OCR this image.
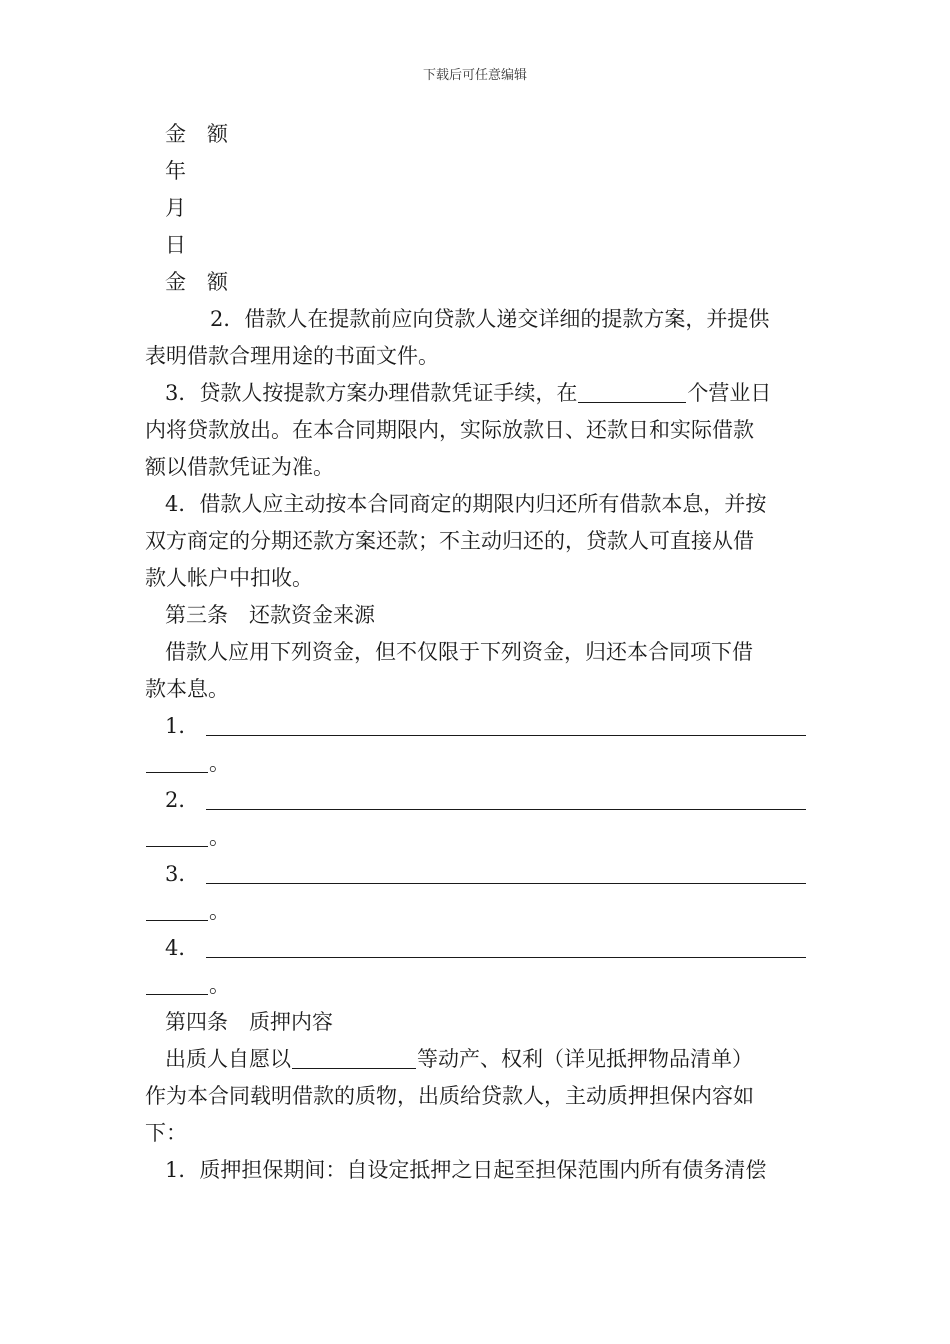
下载后可任意编辑
金　额
年
月
日
金　额
2．借款人在提款前应向贷款人递交详细的提款方案，并提供
表明借款合理用途的书面文件。
3．贷款人按提款方案办理借款凭证手续，在	个营业日
内将贷款放出。在本合同期限内，实际放款日、还款日和实际借款
额以借款凭证为准。
4．借款人应主动按本合同商定的期限内归还所有借款本息，并按
双方商定的分期还款方案还款；不主动归还的，贷款人可直接从借
款人帐户中扣收。
第三条　还款资金来源
借款人应用下列资金，但不仅限于下列资金，归还本合同项下借
款本息。
1．
。
2．
。
3．
。
4．
。
第四条　质押内容
出质人自愿以	等动产、权利（详见抵押物品清单）
作为本合同载明借款的质物，出质给贷款人，主动质押担保内容如
下：
1．质押担保期间：自设定抵押之日起至担保范围内所有债务清偿
